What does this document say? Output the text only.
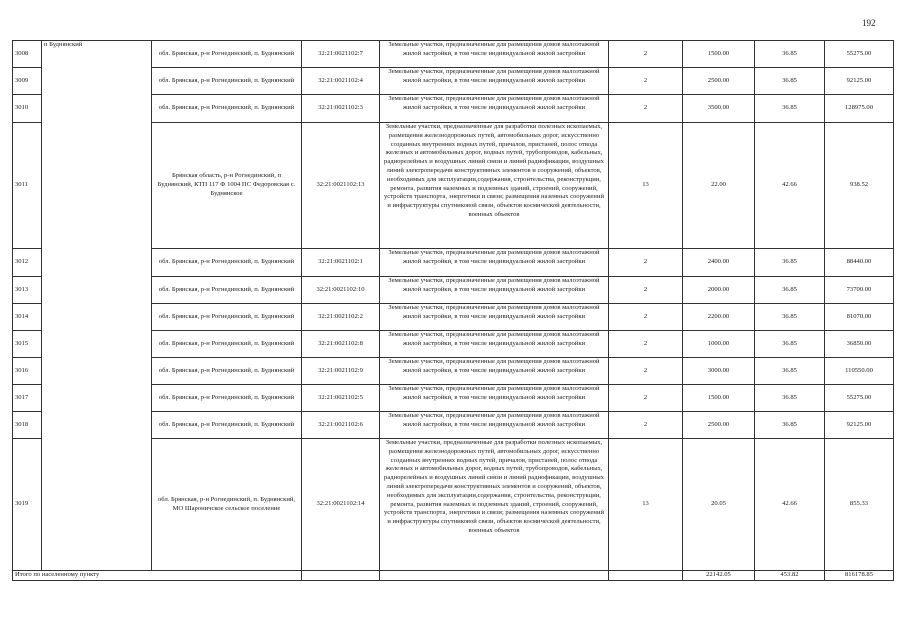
192
3008	п Буднянский	обл. Брянская, р-н Рогнединский, п. Буднянский	32:21:0021102:7	Земельные участки, предназначенные для размещения домов малоэтажной жилой застройки, в том числе индивидуальной жилой застройки	2	1500.00	36.85	55275.00
3009		обл. Брянская, р-н Рогнединский, п. Буднянский	32:21:0021102:4	Земельные участки, предназначенные для размещения домов малоэтажной жилой застройки, в том числе индивидуальной жилой застройки	2	2500.00	36.85	92125.00
3010		обл. Брянская, р-н Рогнединский, п. Буднянский	32:21:0021102:3	Земельные участки, предназначенные для размещения домов малоэтажной жилой застройки, в том числе индивидуальной жилой застройки	2	3500.00	36.85	128975.00
3011		Брянская область, р-н Рогнединский, п Буднянский, КТП 117 Ф 1004 ПС Федоровская с. Буднянское	32:21:0021102:13	Земельные участки, предназначенные для разработки полезных ископаемых, размещения железнодорожных путей, автомобильных дорог, искусственно созданных внутренних водных путей, причалов, пристаней, полос отвода железных и автомобильных дорог, водных путей, трубопроводов, кабельных, радиорелейных и воздушных линий связи и линий радиофикации, воздушных линий электропередачи конструктивных элементов и сооружений, объектов, необходимых для эксплуатации,содержания, строительства, реконструкции, ремонта, развития наземных и подземных зданий, строений, сооружений, устройств транспорта, энергетики и связи; размещения наземных сооружений и инфраструктуры спутниковой связи, объектов космической деятельности, военных объектов	13	22.00	42.66	938.52
3012		обл. Брянская, р-н Рогнединский, п. Буднянский	32:21:0021102:1	Земельные участки, предназначенные для размещения домов малоэтажной жилой застройки, в том числе индивидуальной жилой застройки	2	2400.00	36.85	88440.00
3013		обл. Брянская, р-н Рогнединский, п. Буднянский	32:21:0021102:10	Земельные участки, предназначенные для размещения домов малоэтажной жилой застройки, в том числе индивидуальной жилой застройки	2	2000.00	36.85	73700.00
3014		обл. Брянская, р-н Рогнединский, п. Буднянский	32:21:0021102:2	Земельные участки, предназначенные для размещения домов малоэтажной жилой застройки, в том числе индивидуальной жилой застройки	2	2200.00	36.85	81070.00
3015		обл. Брянская, р-н Рогнединский, п. Буднянский	32:21:0021102:8	Земельные участки, предназначенные для размещения домов малоэтажной жилой застройки, в том числе индивидуальной жилой застройки	2	1000.00	36.85	36850.00
3016		обл. Брянская, р-н Рогнединский, п. Буднянский	32:21:0021102:9	Земельные участки, предназначенные для размещения домов малоэтажной жилой застройки, в том числе индивидуальной жилой застройки	2	3000.00	36.85	110550.00
3017		обл. Брянская, р-н Рогнединский, п. Буднянский	32:21:0021102:5	Земельные участки, предназначенные для размещения домов малоэтажной жилой застройки, в том числе индивидуальной жилой застройки	2	1500.00	36.85	55275.00
3018		обл. Брянская, р-н Рогнединский, п. Буднянский	32:21:0021102:6	Земельные участки, предназначенные для размещения домов малоэтажной жилой застройки, в том числе индивидуальной жилой застройки	2	2500.00	36.85	92125.00
3019		обл. Брянская, р-н Рогнединский, п. Буднянский, МО Шароничское сельское поселение	32:21:0021102:14	Земельные участки, предназначенные для разработки полезных ископаемых, размещения железнодорожных путей, автомобильных дорог, искусственно созданных внутренних водных путей, причалов, пристаней, полос отвода железных и автомобильных дорог, водных путей, трубопроводов, кабельных, радиорелейных и воздушных линий связи и линий радиофикации, воздушных линий электропередачи конструктивных элементов и сооружений, объектов, необходимых для эксплуатации,содержания, строительства, реконструкции, ремонта, развития наземных и подземных зданий, строений, сооружений, устройств транспорта, энергетики и связи; размещения наземных сооружений и инфраструктуры спутниковой связи, объектов космической деятельности, военных объектов	13	20.05	42.66	855.33
Итого по населенному пункту						22142.05	453.82	816178.85
